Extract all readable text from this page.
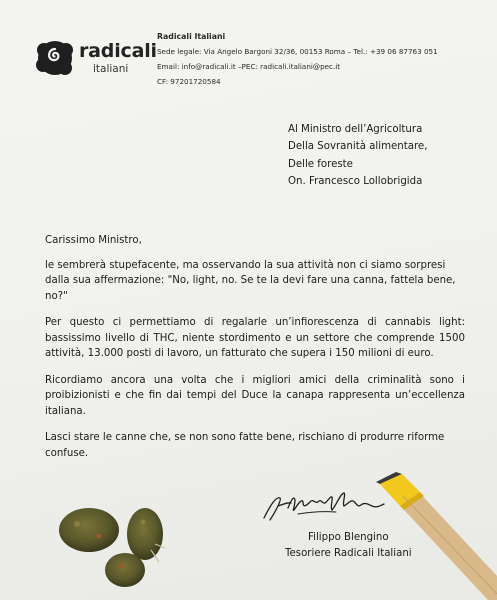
radicali
italiani
Radicali Italiani
Sede legale: Via Angelo Bargoni 32/36, 00153 Roma – Tel.: +39 06 87763 051
Email: info@radicali.it –PEC: radicali.italiani@pec.it
CF: 97201720584
Al Ministro dell’Agricoltura
Della Sovranità alimentare,
Delle foreste
On. Francesco Lollobrigida

Carissimo Ministro,

le sembrerà stupefacente, ma osservando la sua attività non ci siamo sorpresi dalla sua affermazione: "No, light, no. Se te la devi fare una canna, fattela bene, no?"

Per questo ci permettiamo di regalarle un’infiorescenza di cannabis light: bassissimo livello di THC, niente stordimento e un settore che comprende 1500 attività, 13.000 posti di lavoro, un fatturato che supera i 150 milioni di euro.

Ricordiamo ancora una volta che i migliori amici della criminalità sono i proibizionisti e che fin dai tempi del Duce la canapa rappresenta un’eccellenza italiana.

Lasci stare le canne che, se non sono fatte bene, rischiano di produrre riforme confuse.

Filippo Blengino
Tesoriere Radicali Italiani
